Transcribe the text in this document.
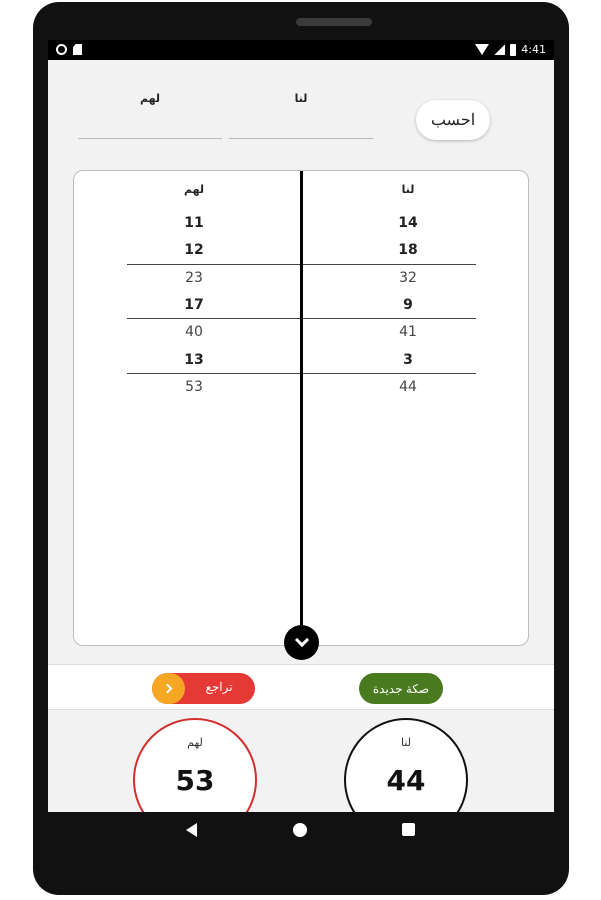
4:41
لهم	لنا
احسب
لهم	لنا
11	14
12	18
23	32
17	9
40	41
13	3
53	44
تراجع	صكة جديدة
لهم
53
لنا
44
